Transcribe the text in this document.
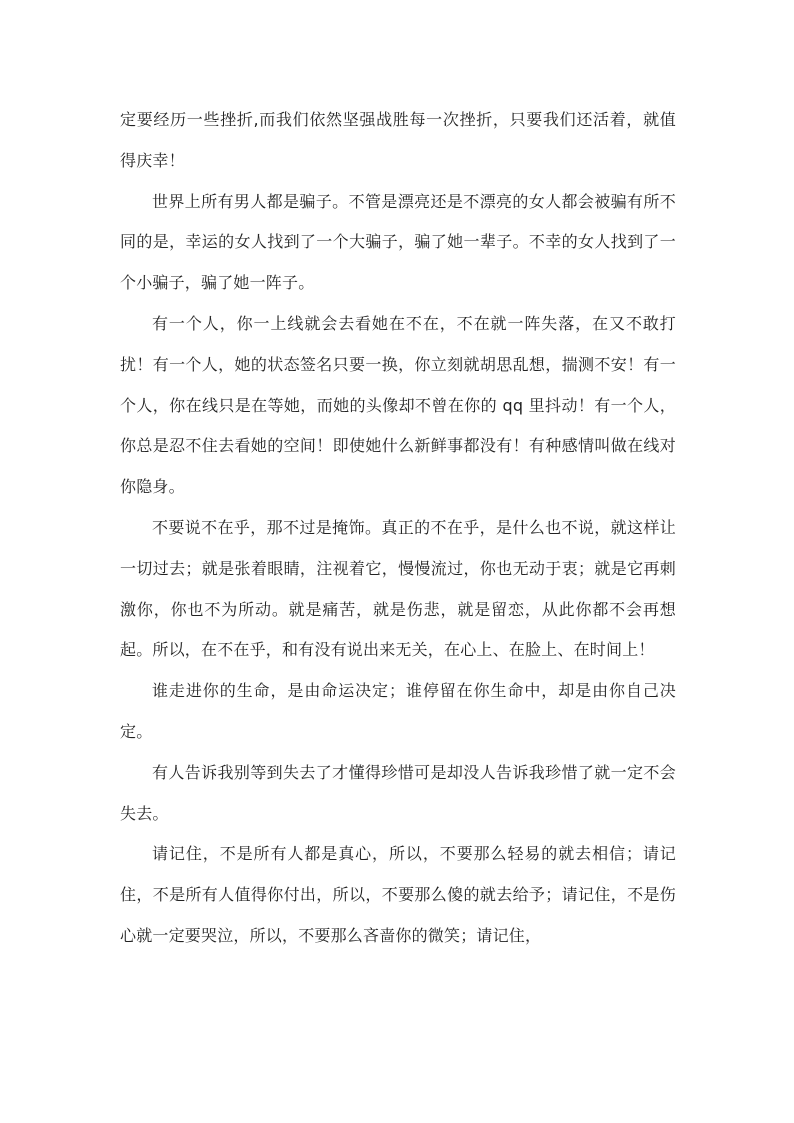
定要经历一些挫折,而我们依然坚强战胜每一次挫折，只要我们还活着，就值得庆幸！

世界上所有男人都是骗子。不管是漂亮还是不漂亮的女人都会被骗有所不同的是，幸运的女人找到了一个大骗子，骗了她一辈子。不幸的女人找到了一个小骗子，骗了她一阵子。

有一个人，你一上线就会去看她在不在，不在就一阵失落，在又不敢打扰！有一个人，她的状态签名只要一换，你立刻就胡思乱想，揣测不安！有一个人，你在线只是在等她，而她的头像却不曾在你的 qq 里抖动！有一个人，你总是忍不住去看她的空间！即使她什么新鲜事都没有！有种感情叫做在线对你隐身。

不要说不在乎，那不过是掩饰。真正的不在乎，是什么也不说，就这样让一切过去；就是张着眼睛，注视着它，慢慢流过，你也无动于衷；就是它再刺激你，你也不为所动。就是痛苦，就是伤悲，就是留恋，从此你都不会再想起。所以，在不在乎，和有没有说出来无关，在心上、在脸上、在时间上！

谁走进你的生命，是由命运决定；谁停留在你生命中，却是由你自己决定。

有人告诉我别等到失去了才懂得珍惜可是却没人告诉我珍惜了就一定不会失去。

请记住，不是所有人都是真心，所以，不要那么轻易的就去相信；请记住，不是所有人值得你付出，所以，不要那么傻的就去给予；请记住，不是伤心就一定要哭泣，所以，不要那么吝啬你的微笑；请记住，
